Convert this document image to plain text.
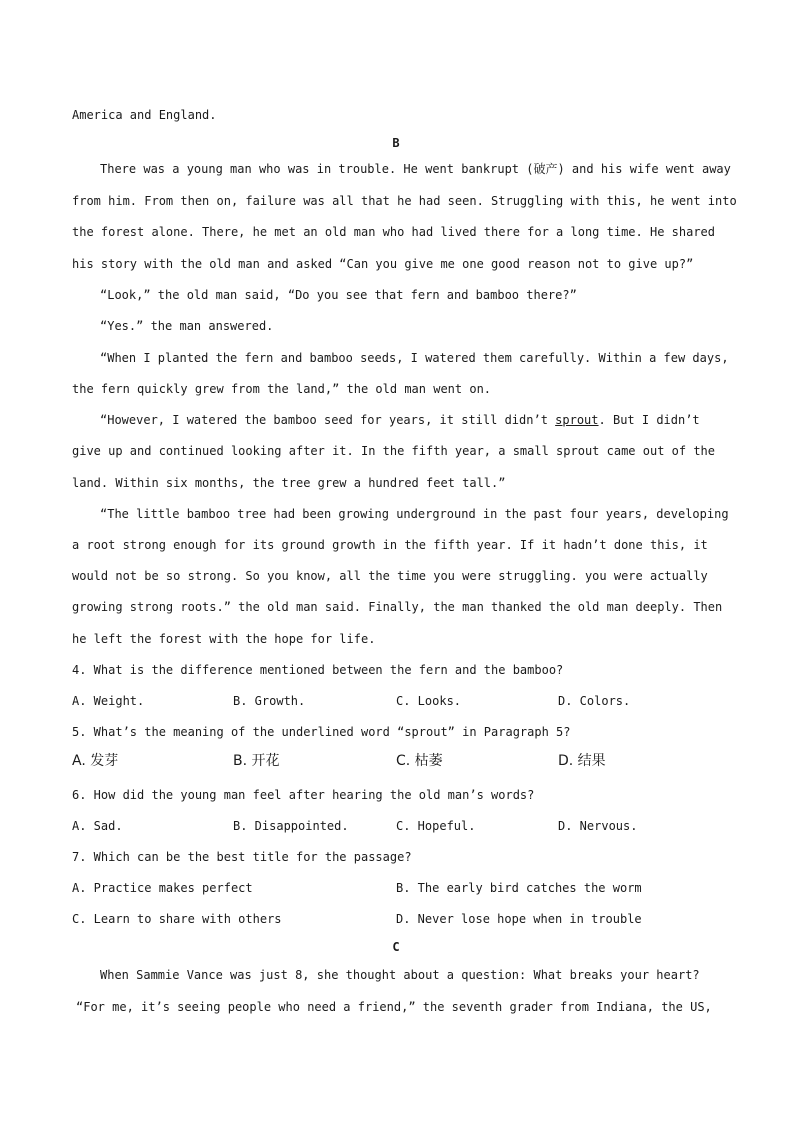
America and England.
B
There was a young man who was in trouble. He went bankrupt (破产) and his wife went away
from him. From then on, failure was all that he had seen. Struggling with this, he went into
the forest alone. There, he met an old man who had lived there for a long time. He shared
his story with the old man and asked “Can you give me one good reason not to give up?”
“Look,” the old man said, “Do you see that fern and bamboo there?”
“Yes.” the man answered.
“When I planted the fern and bamboo seeds, I watered them carefully. Within a few days,
the fern quickly grew from the land,” the old man went on.
“However, I watered the bamboo seed for years, it still didn’t sprout. But I didn’t
give up and continued looking after it. In the fifth year, a small sprout came out of the
land. Within six months, the tree grew a hundred feet tall.”
“The little bamboo tree had been growing underground in the past four years, developing
a root strong enough for its ground growth in the fifth year. If it hadn’t done this, it
would not be so strong. So you know, all the time you were struggling. you were actually
growing strong roots.” the old man said. Finally, the man thanked the old man deeply. Then
he left the forest with the hope for life.
4. What is the difference mentioned between the fern and the bamboo?
A. Weight.	B. Growth.	C. Looks.	D. Colors.
5. What’s the meaning of the underlined word “sprout” in Paragraph 5?
A. 发芽	B. 开花	C. 枯萎	D. 结果
6. How did the young man feel after hearing the old man’s words?
A. Sad.	B. Disappointed.	C. Hopeful.	D. Nervous.
7. Which can be the best title for the passage?
A. Practice makes perfect	B. The early bird catches the worm
C. Learn to share with others	D. Never lose hope when in trouble
C
When Sammie Vance was just 8, she thought about a question: What breaks your heart?
“For me, it’s seeing people who need a friend,” the seventh grader from Indiana, the US,
